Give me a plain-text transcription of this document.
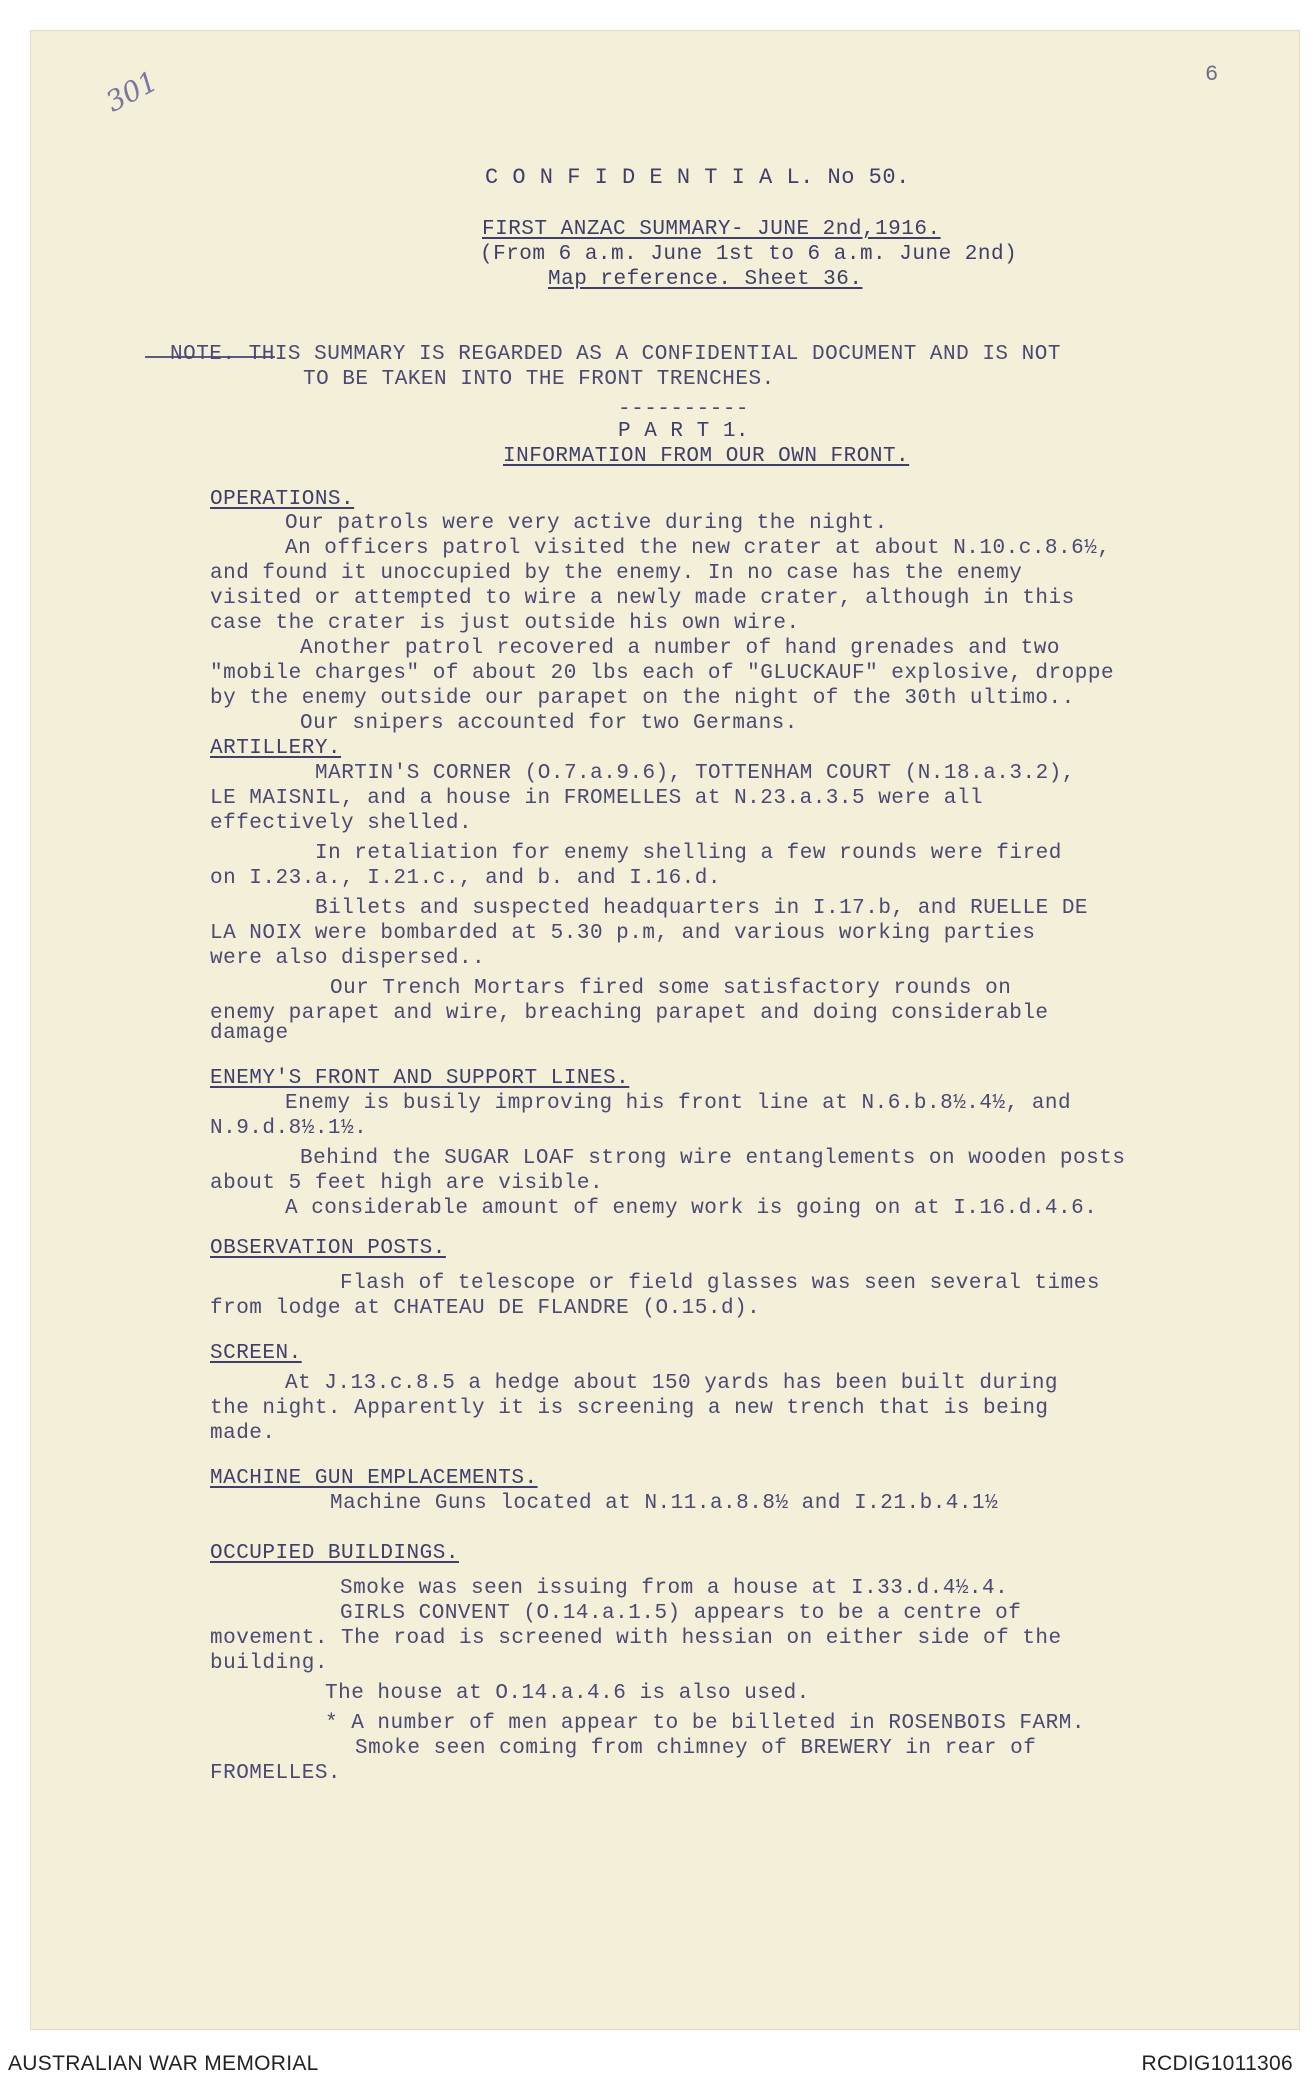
6
301
C O N F I D E N T I A L. No 50.
FIRST ANZAC SUMMARY- JUNE 2nd,1916.
(From 6 a.m. June 1st to 6 a.m. June 2nd)
Map reference. Sheet 36.
NOTE. THIS SUMMARY IS REGARDED AS A CONFIDENTIAL DOCUMENT AND IS NOT
TO BE TAKEN INTO THE FRONT TRENCHES.
----------
P A R T 1.
INFORMATION FROM OUR OWN FRONT.
OPERATIONS.
Our patrols were very active during the night.
An officers patrol visited the new crater at about N.10.c.8.6½,
and found it unoccupied by the enemy. In no case has the enemy
visited or attempted to wire a newly made crater, although in this
case the crater is just outside his own wire.
Another patrol recovered a number of hand grenades and two
"mobile charges" of about 20 lbs each of "GLUCKAUF" explosive, droppe
by the enemy outside our parapet on the night of the 30th ultimo..
Our snipers accounted for two Germans.
ARTILLERY.
MARTIN'S CORNER (O.7.a.9.6), TOTTENHAM COURT (N.18.a.3.2),
LE MAISNIL, and a house in FROMELLES at N.23.a.3.5 were all
effectively shelled.
In retaliation for enemy shelling a few rounds were fired
on I.23.a., I.21.c., and b. and I.16.d.
Billets and suspected headquarters in I.17.b, and RUELLE DE
LA NOIX were bombarded at 5.30 p.m, and various working parties
were also dispersed..
Our Trench Mortars fired some satisfactory rounds on
enemy parapet and wire, breaching parapet and doing considerable
damage
ENEMY'S FRONT AND SUPPORT LINES.
Enemy is busily improving his front line at N.6.b.8½.4½, and
N.9.d.8½.1½.
Behind the SUGAR LOAF strong wire entanglements on wooden posts
about 5 feet high are visible.
A considerable amount of enemy work is going on at I.16.d.4.6.
OBSERVATION POSTS.
Flash of telescope or field glasses was seen several times
from lodge at CHATEAU DE FLANDRE (O.15.d).
SCREEN.
At J.13.c.8.5 a hedge about 150 yards has been built during
the night. Apparently it is screening a new trench that is being
made.
MACHINE GUN EMPLACEMENTS.
Machine Guns located at N.11.a.8.8½ and I.21.b.4.1½
OCCUPIED BUILDINGS.
Smoke was seen issuing from a house at I.33.d.4½.4.
GIRLS CONVENT (O.14.a.1.5) appears to be a centre of
movement. The road is screened with hessian on either side of the
building.
The house at O.14.a.4.6 is also used.
* A number of men appear to be billeted in ROSENBOIS FARM.
Smoke seen coming from chimney of BREWERY in rear of
FROMELLES.
AUSTRALIAN WAR MEMORIAL	RCDIG1011306
